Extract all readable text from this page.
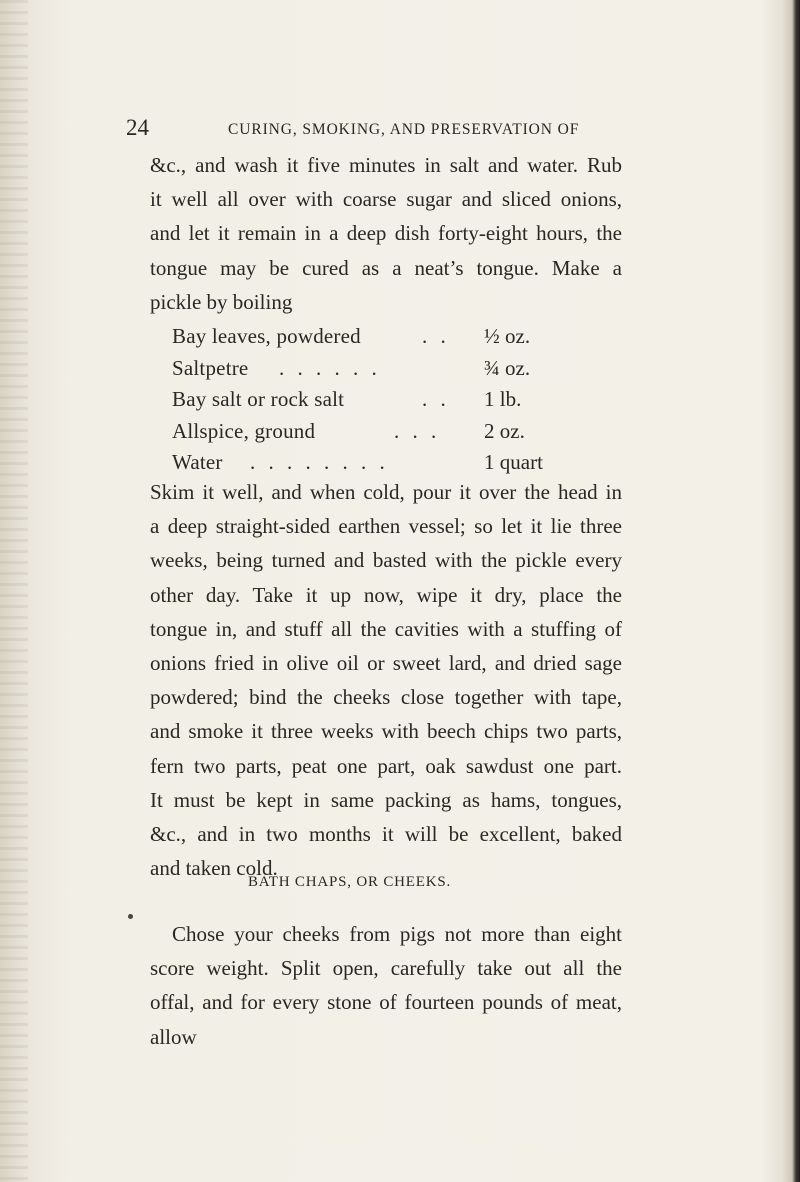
24	CURING, SMOKING, AND PRESERVATION OF
&c., and wash it five minutes in salt and water. Rub
it well all over with coarse sugar and sliced onions,
and let it remain in a deep dish forty-eight hours, the
tongue may be cured as a neat’s tongue. Make a
pickle by boiling
Bay leaves, powdered	. . ½ oz.
Saltpetre . . . . . .	¾ oz.
Bay salt or rock salt	. . 1 lb.
Allspice, ground	. . . 2 oz.
Water . . . . . . . .	1 quart
Skim it well, and when cold, pour it over the head in
a deep straight-sided earthen vessel; so let it lie three
weeks, being turned and basted with the pickle every
other day. Take it up now, wipe it dry, place the
tongue in, and stuff all the cavities with a stuffing of
onions fried in olive oil or sweet lard, and dried sage
powdered; bind the cheeks close together with tape,
and smoke it three weeks with beech chips two parts,
fern two parts, peat one part, oak sawdust one part.
It must be kept in same packing as hams, tongues,
&c., and in two months it will be excellent, baked
and taken cold.
BATH CHAPS, OR CHEEKS.
Chose your cheeks from pigs not more than eight
score weight. Split open, carefully take out all the
offal, and for every stone of fourteen pounds of meat,
allow
